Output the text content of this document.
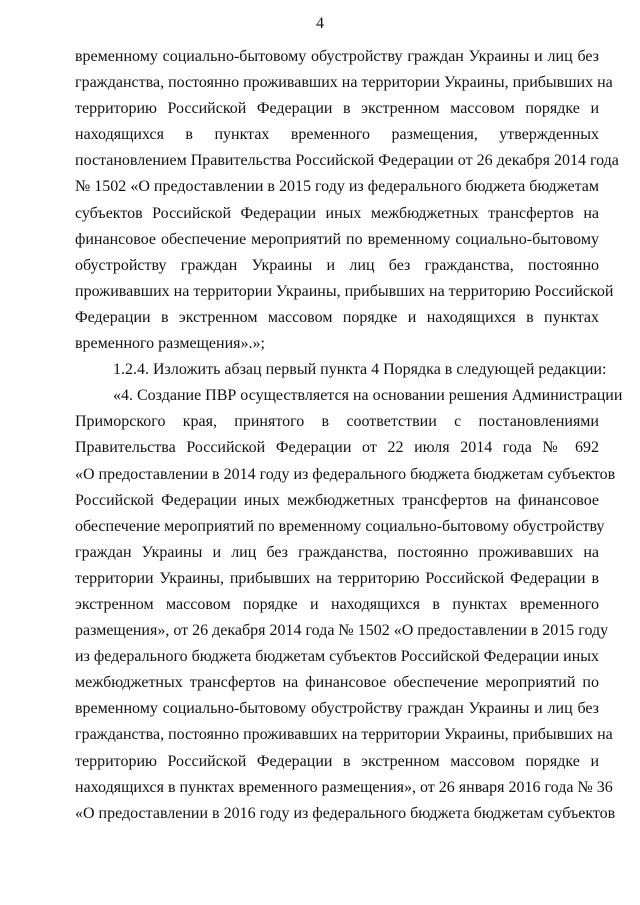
4
временному социально-бытовому обустройству граждан Украины и лиц без
гражданства, постоянно проживавших на территории Украины, прибывших на
территорию Российской Федерации в экстренном массовом порядке и
находящихся в пунктах временного размещения, утвержденных
постановлением Правительства Российской Федерации от 26 декабря 2014 года
№ 1502 «О предоставлении в 2015 году из федерального бюджета бюджетам
субъектов Российской Федерации иных межбюджетных трансфертов на
финансовое обеспечение мероприятий по временному социально-бытовому
обустройству граждан Украины и лиц без гражданства, постоянно
проживавших на территории Украины, прибывших на территорию Российской
Федерации в экстренном массовом порядке и находящихся в пунктах
временного размещения».»;
1.2.4. Изложить абзац первый пункта 4 Порядка в следующей редакции:
«4. Создание ПВР осуществляется на основании решения Администрации
Приморского края, принятого в соответствии с постановлениями
Правительства Российской Федерации от 22 июля 2014 года № 692
«О предоставлении в 2014 году из федерального бюджета бюджетам субъектов
Российской Федерации иных межбюджетных трансфертов на финансовое
обеспечение мероприятий по временному социально-бытовому обустройству
граждан Украины и лиц без гражданства, постоянно проживавших на
территории Украины, прибывших на территорию Российской Федерации в
экстренном массовом порядке и находящихся в пунктах временного
размещения», от 26 декабря 2014 года № 1502 «О предоставлении в 2015 году
из федерального бюджета бюджетам субъектов Российской Федерации иных
межбюджетных трансфертов на финансовое обеспечение мероприятий по
временному социально-бытовому обустройству граждан Украины и лиц без
гражданства, постоянно проживавших на территории Украины, прибывших на
территорию Российской Федерации в экстренном массовом порядке и
находящихся в пунктах временного размещения», от 26 января 2016 года № 36
«О предоставлении в 2016 году из федерального бюджета бюджетам субъектов
